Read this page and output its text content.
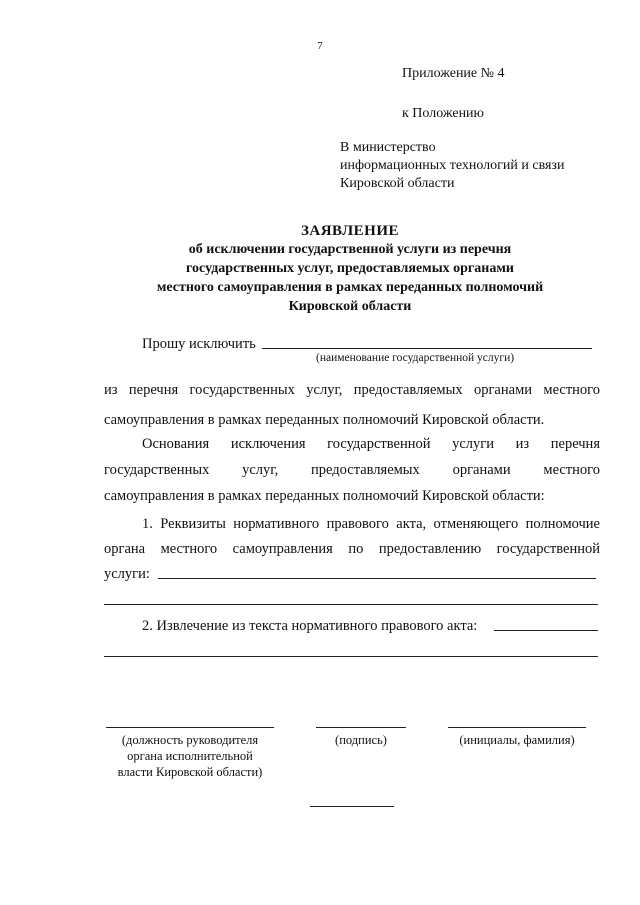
7
Приложение № 4
к Положению
В министерство
информационных технологий и связи
Кировской области
ЗАЯВЛЕНИЕ
об исключении государственной услуги из перечня
государственных услуг, предоставляемых органами
местного самоуправления в рамках переданных полномочий
Кировской области
Прошу исключить
(наименование государственной услуги)
из перечня государственных услуг, предоставляемых органами местного
самоуправления в рамках переданных полномочий Кировской области.
Основания исключения государственной услуги из перечня
государственных услуг, предоставляемых органами местного
самоуправления в рамках переданных полномочий Кировской области:
1. Реквизиты нормативного правового акта, отменяющего полномочие
органа местного самоуправления по предоставлению государственной
услуги:
2. Извлечение из текста нормативного правового акта:
(должность руководителя
органа исполнительной
власти Кировской области)
(подпись)	(инициалы, фамилия)
